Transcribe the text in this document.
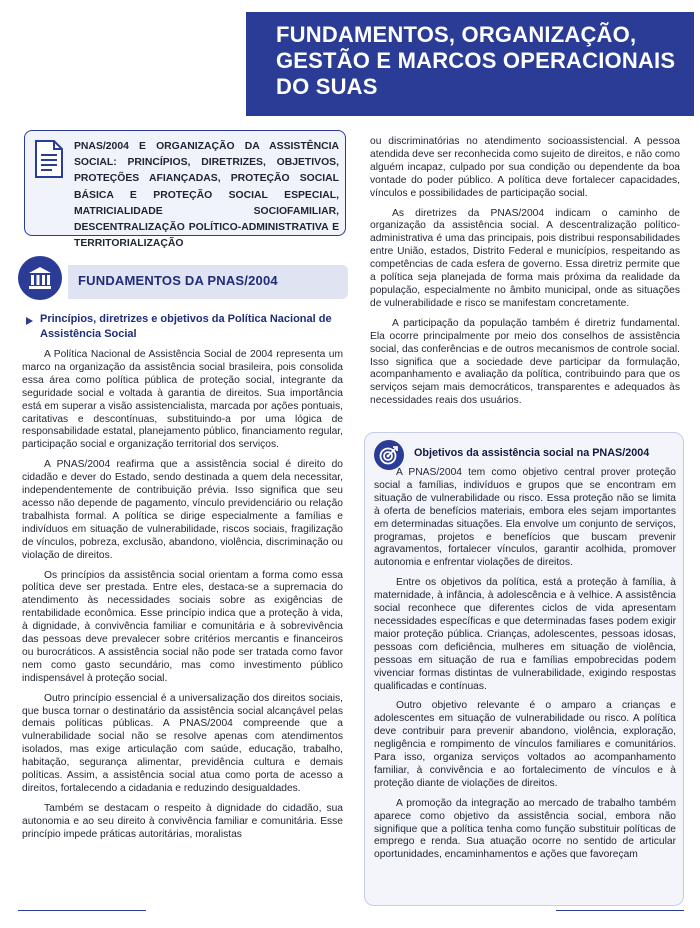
FUNDAMENTOS, ORGANIZAÇÃO, GESTÃO E MARCOS OPERACIONAIS DO SUAS
PNAS/2004 E ORGANIZAÇÃO DA ASSISTÊNCIA SOCIAL: PRINCÍPIOS, DIRETRIZES, OBJETIVOS, PROTEÇÕES AFIANÇADAS, PROTEÇÃO SOCIAL BÁSICA E PROTEÇÃO SOCIAL ESPECIAL, MATRICIALIDADE SOCIOFAMILIAR, DESCENTRALIZAÇÃO POLÍTICO-ADMINISTRATIVA E TERRITORIALIZAÇÃO
FUNDAMENTOS DA PNAS/2004
Princípios, diretrizes e objetivos da Política Nacional de Assistência Social

A Política Nacional de Assistência Social de 2004 representa um marco na organização da assistência social brasileira, pois consolida essa área como política pública de proteção social, integrante da seguridade social e voltada à garantia de direitos. Sua importância está em superar a visão assistencialista, marcada por ações pontuais, caritativas e descontínuas, substituindo-a por uma lógica de responsabilidade estatal, planejamento público, financiamento regular, participação social e organização territorial dos serviços.

A PNAS/2004 reafirma que a assistência social é direito do cidadão e dever do Estado, sendo destinada a quem dela necessitar, independentemente de contribuição prévia. Isso significa que seu acesso não depende de pagamento, vínculo previdenciário ou relação trabalhista formal. A política se dirige especialmente a famílias e indivíduos em situação de vulnerabilidade, riscos sociais, fragilização de vínculos, pobreza, exclusão, abandono, violência, discriminação ou violação de direitos.

Os princípios da assistência social orientam a forma como essa política deve ser prestada. Entre eles, destaca-se a supremacia do atendimento às necessidades sociais sobre as exigências de rentabilidade econômica. Esse princípio indica que a proteção à vida, à dignidade, à convivência familiar e comunitária e à sobrevivência das pessoas deve prevalecer sobre critérios mercantis e financeiros ou burocráticos. A assistência social não pode ser tratada como favor nem como gasto secundário, mas como investimento público indispensável à proteção social.

Outro princípio essencial é a universalização dos direitos sociais, que busca tornar o destinatário da assistência social alcançável pelas demais políticas públicas. A PNAS/2004 compreende que a vulnerabilidade social não se resolve apenas com atendimentos isolados, mas exige articulação com saúde, educação, trabalho, habitação, segurança alimentar, previdência cultura e demais políticas. Assim, a assistência social atua como porta de acesso a direitos, fortalecendo a cidadania e reduzindo desigualdades.

Também se destacam o respeito à dignidade do cidadão, sua autonomia e ao seu direito à convivência familiar e comunitária. Esse princípio impede práticas autoritárias, moralistas

ou discriminatórias no atendimento socioassistencial. A pessoa atendida deve ser reconhecida como sujeito de direitos, e não como alguém incapaz, culpado por sua condição ou dependente da boa vontade do poder público. A política deve fortalecer capacidades, vínculos e possibilidades de participação social.

As diretrizes da PNAS/2004 indicam o caminho de organização da assistência social. A descentralização político-administrativa é uma das principais, pois distribui responsabilidades entre União, estados, Distrito Federal e municípios, respeitando as competências de cada esfera de governo. Essa diretriz permite que a política seja planejada de forma mais próxima da realidade da população, especialmente no âmbito municipal, onde as situações de vulnerabilidade e risco se manifestam concretamente.

A participação da população também é diretriz fundamental. Ela ocorre principalmente por meio dos conselhos de assistência social, das conferências e de outros mecanismos de controle social. Isso significa que a sociedade deve participar da formulação, acompanhamento e avaliação da política, contribuindo para que os serviços sejam mais democráticos, transparentes e adequados às necessidades reais dos usuários.

Objetivos da assistência social na PNAS/2004

A PNAS/2004 tem como objetivo central prover proteção social a famílias, indivíduos e grupos que se encontram em situação de vulnerabilidade ou risco. Essa proteção não se limita à oferta de benefícios materiais, embora eles sejam importantes em determinadas situações. Ela envolve um conjunto de serviços, programas, projetos e benefícios que buscam prevenir agravamentos, fortalecer vínculos, garantir acolhida, promover autonomia e enfrentar violações de direitos.

Entre os objetivos da política, está a proteção à família, à maternidade, à infância, à adolescência e à velhice. A assistência social reconhece que diferentes ciclos de vida apresentam necessidades específicas e que determinadas fases podem exigir maior proteção pública. Crianças, adolescentes, pessoas idosas, pessoas com deficiência, mulheres em situação de violência, pessoas em situação de rua e famílias empobrecidas podem vivenciar formas distintas de vulnerabilidade, exigindo respostas qualificadas e contínuas.

Outro objetivo relevante é o amparo a crianças e adolescentes em situação de vulnerabilidade ou risco. A política deve contribuir para prevenir abandono, violência, exploração, negligência e rompimento de vínculos familiares e comunitários. Para isso, organiza serviços voltados ao acompanhamento familiar, à convivência e ao fortalecimento de vínculos e à proteção diante de violações de direitos.

A promoção da integração ao mercado de trabalho também aparece como objetivo da assistência social, embora não signifique que a política tenha como função substituir políticas de emprego e renda. Sua atuação ocorre no sentido de articular oportunidades, encaminhamentos e ações que favoreçam
